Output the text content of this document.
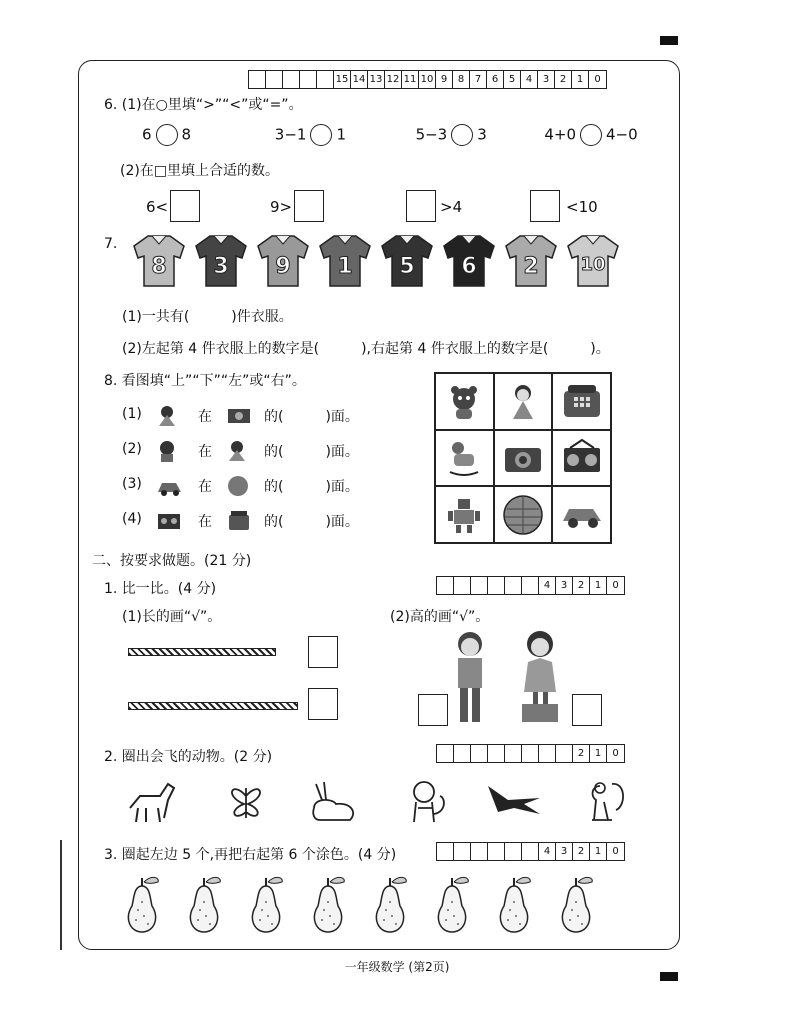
15 14 13 12 11 10 9	8	7	6	5	4	3	2	1	0
6. (1)在○里填“>”“<”或“=”。
6 8	3−1 1	5−3 3	4+0 4−0
(2)在□里填上合适的数。
6<	9>	>4	<10
7.
8	3	9	1	5	6	2	10
(1)一共有(　　　)件衣服。
(2)左起第 4 件衣服上的数字是(　　　),右起第 4 件衣服上的数字是(　　　)。
8. 看图填“上”“下”“左”或“右”。
(1)	在	的(　　　)面。
(2)	在	的(　　　)面。
(3)	在	的(　　　)面。
(4)	在	的(　　　)面。
二、按要求做题。(21 分)
1. 比一比。(4 分)	4	3	2	1	0
(1)长的画“√”。	(2)高的画“√”。
2. 圈出会飞的动物。(2 分)	2	1	0
3. 圈起左边 5 个,再把右起第 6 个涂色。(4 分)	4	3	2	1	0
一年级数学 (第2页)
